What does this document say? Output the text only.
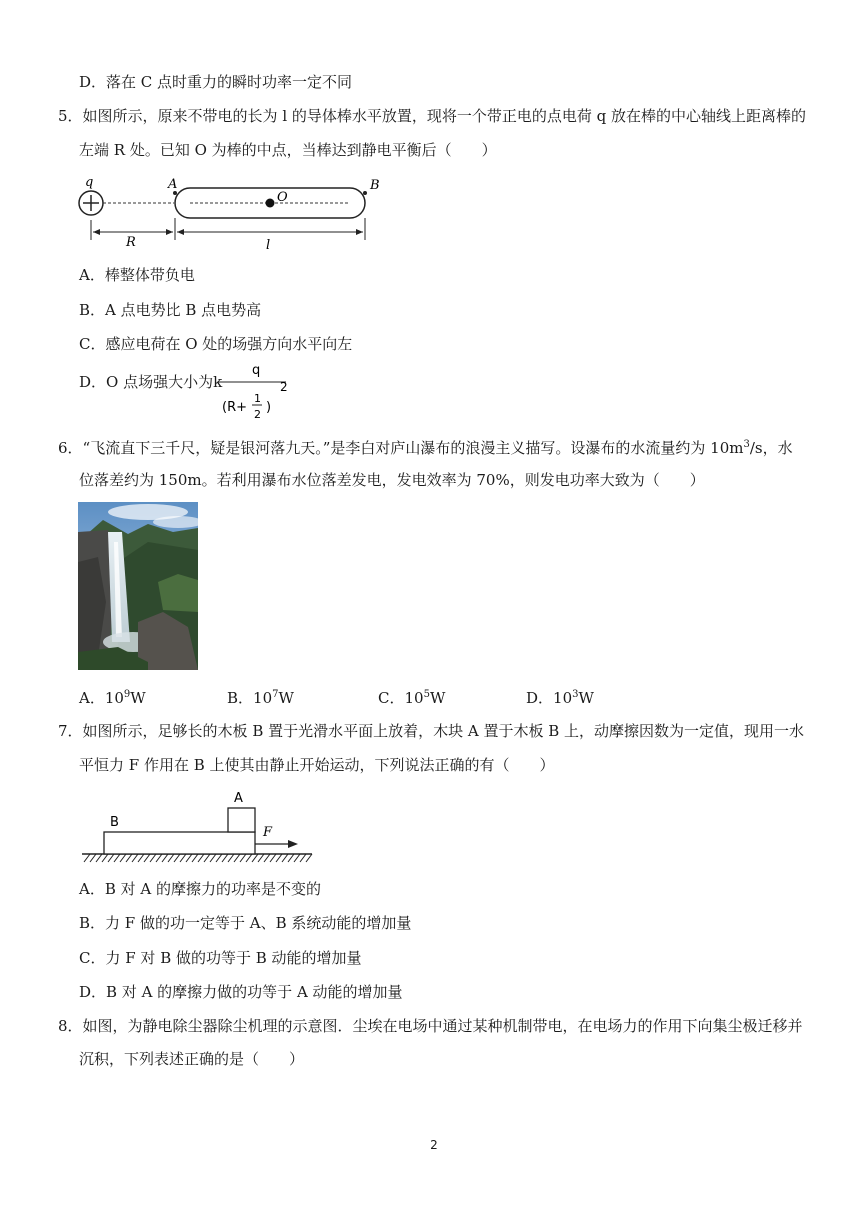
D．落在 C 点时重力的瞬时功率一定不同
5．如图所示，原来不带电的长为 l 的导体棒水平放置，现将一个带正电的点电荷 q 放在棒的中心轴线上距离棒的
左端 R 处。已知 O 为棒的中点，当棒达到静电平衡后（　　）
q	A
O
B
R	l
A．棒整体带负电
B．A 点电势比 B 点电势高
C．感应电荷在 O 处的场强方向水平向左
D．O 点场强大小为k
q
2
(R+
1
2 )
6．“飞流直下三千尺，疑是银河落九天。”是李白对庐山瀑布的浪漫主义描写。设瀑布的水流量约为 $10m^3/s$，水
位落差约为 150m。若利用瀑布水位落差发电，发电效率为 70%，则发电功率大致为（　　）
A．$10^9W$	B．$10^7W$	C．$10^5W$	D．$10^3W$
7．如图所示，足够长的木板 B 置于光滑水平面上放着，木块 A 置于木板 B 上，动摩擦因数为一定值，现用一水
平恒力 F 作用在 B 上使其由静止开始运动，下列说法正确的有（　　）
A
B
F
A．B 对 A 的摩擦力的功率是不变的
B．力 F 做的功一定等于 A、B 系统动能的增加量
C．力 F 对 B 做的功等于 B 动能的增加量
D．B 对 A 的摩擦力做的功等于 A 动能的增加量
8．如图，为静电除尘器除尘机理的示意图．尘埃在电场中通过某种机制带电，在电场力的作用下向集尘极迁移并
沉积，下列表述正确的是（　　）
2
